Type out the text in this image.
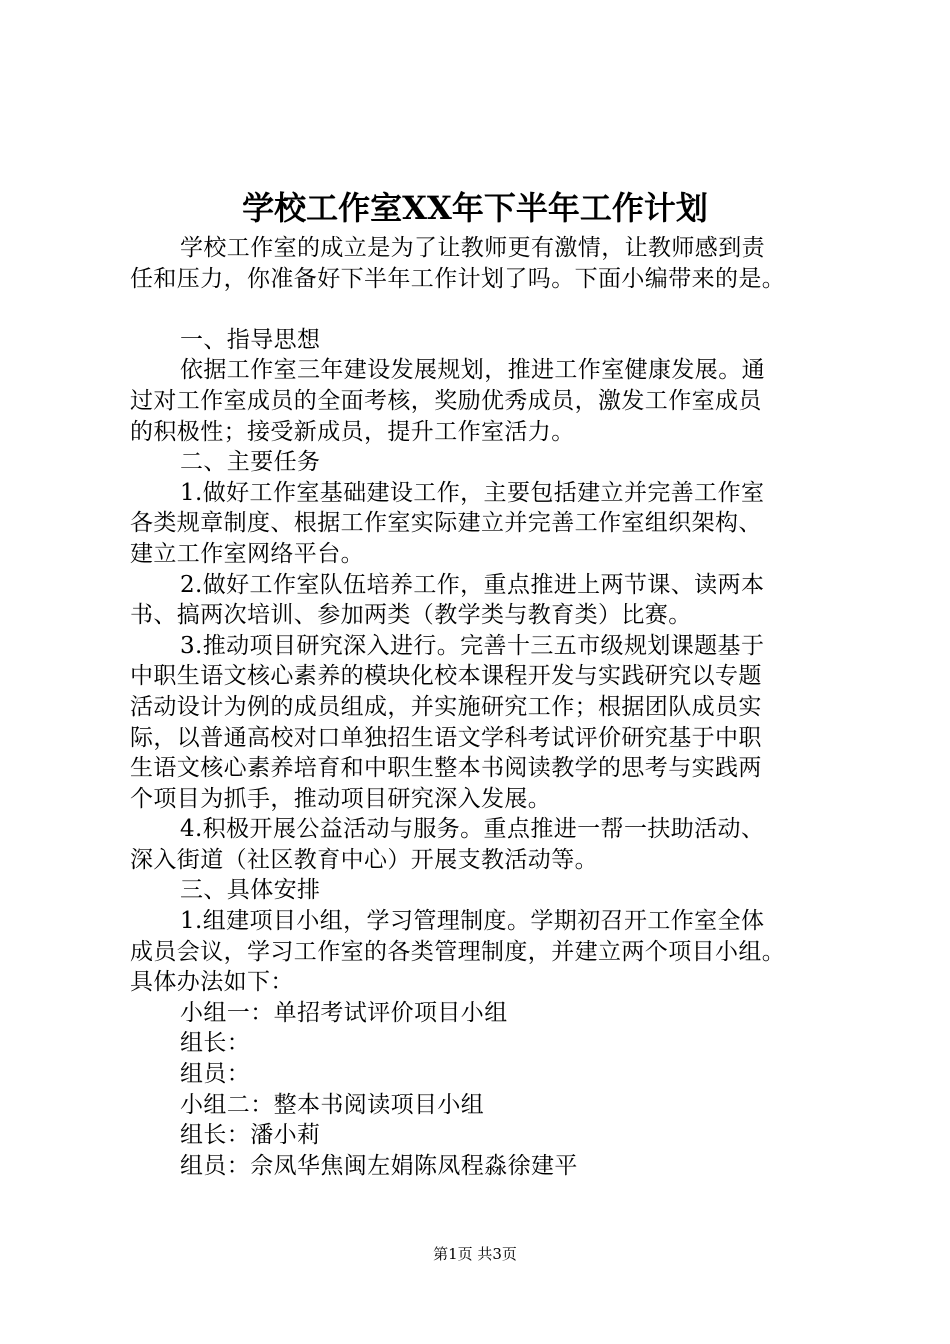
学校工作室XX年下半年工作计划
学校工作室的成立是为了让教师更有激情，让教师感到责
任和压力，你准备好下半年工作计划了吗。下面小编带来的是。
一、指导思想
依据工作室三年建设发展规划，推进工作室健康发展。通
过对工作室成员的全面考核，奖励优秀成员，激发工作室成员
的积极性；接受新成员，提升工作室活力。
二、主要任务
1.做好工作室基础建设工作，主要包括建立并完善工作室
各类规章制度、根据工作室实际建立并完善工作室组织架构、
建立工作室网络平台。
2.做好工作室队伍培养工作，重点推进上两节课、读两本
书、搞两次培训、参加两类（教学类与教育类）比赛。
3.推动项目研究深入进行。完善十三五市级规划课题基于
中职生语文核心素养的模块化校本课程开发与实践研究以专题
活动设计为例的成员组成，并实施研究工作；根据团队成员实
际，以普通高校对口单独招生语文学科考试评价研究基于中职
生语文核心素养培育和中职生整本书阅读教学的思考与实践两
个项目为抓手，推动项目研究深入发展。
4.积极开展公益活动与服务。重点推进一帮一扶助活动、
深入街道（社区教育中心）开展支教活动等。
三、具体安排
1.组建项目小组，学习管理制度。学期初召开工作室全体
成员会议，学习工作室的各类管理制度，并建立两个项目小组。
具体办法如下：
小组一：单招考试评价项目小组
组长：
组员：
小组二：整本书阅读项目小组
组长：潘小莉
组员：佘凤华焦闽左娟陈凤程淼徐建平
第1页 共3页
